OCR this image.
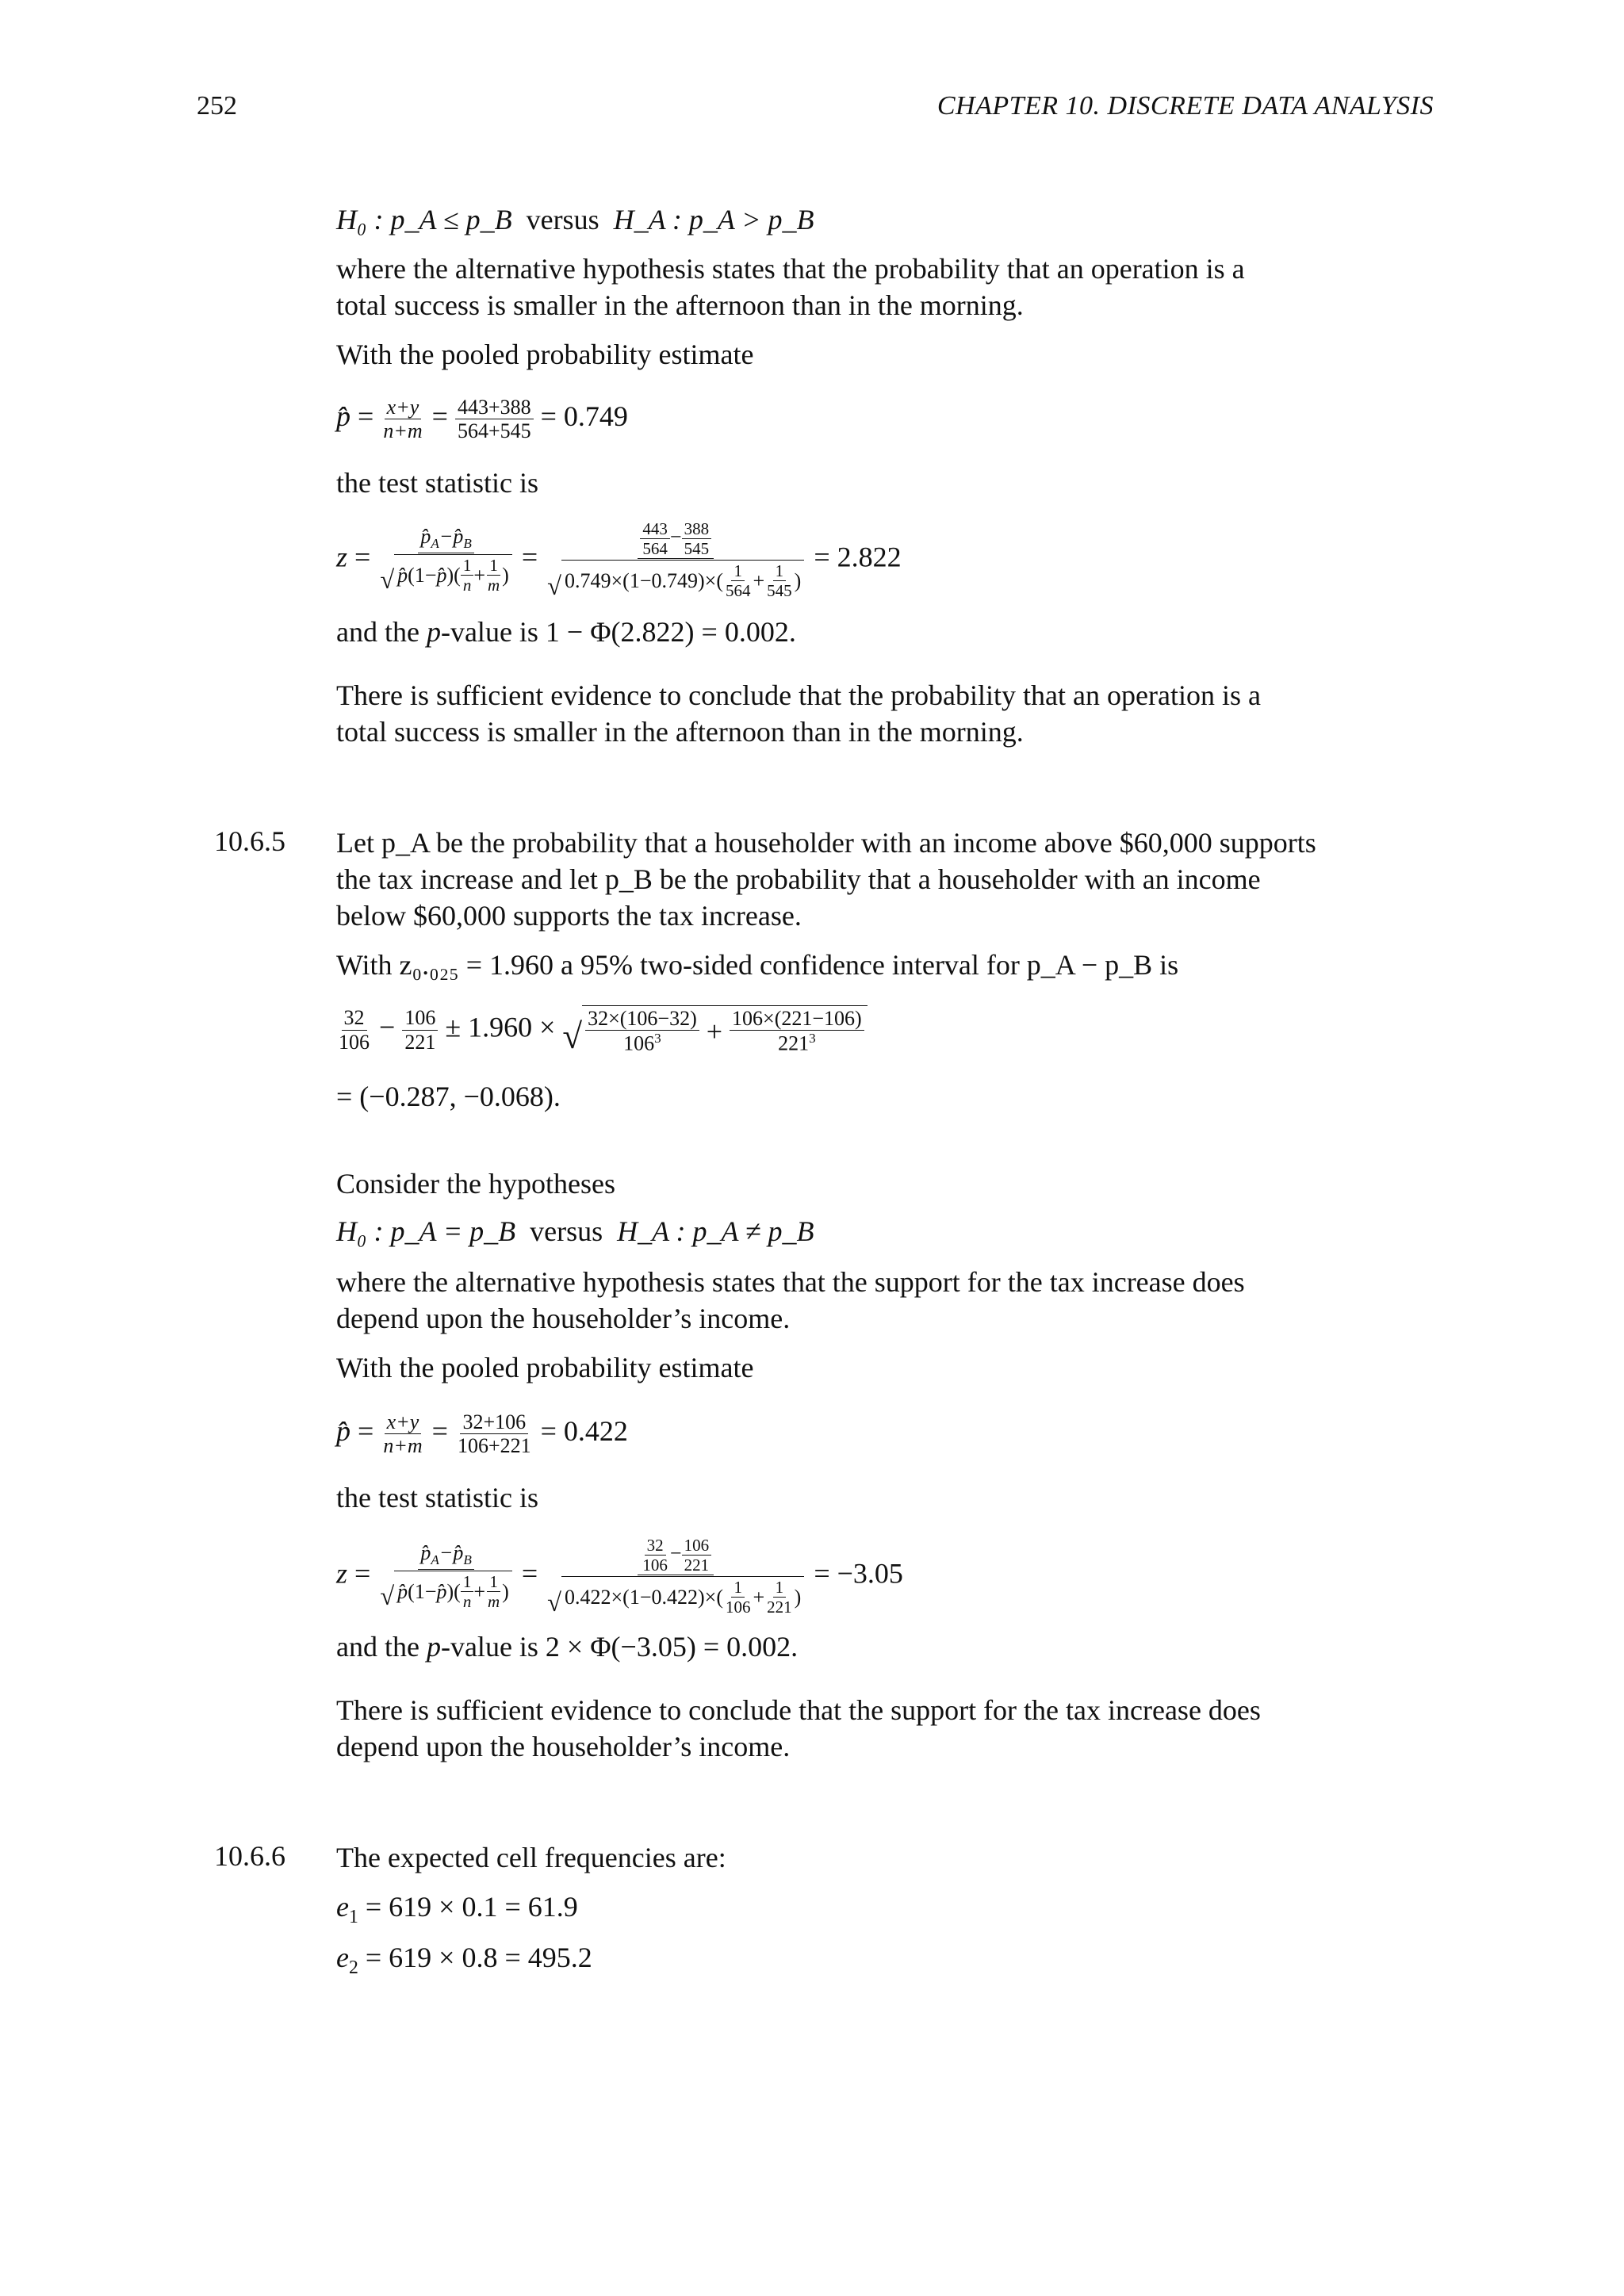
252	CHAPTER 10. DISCRETE DATA ANALYSIS
H₀ : p_A ≤ p_B versus H_A : p_A > p_B
where the alternative hypothesis states that the probability that an operation is a
total success is smaller in the afternoon than in the morning.
With the pooled probability estimate
p̂ = $\frac{x+y}{n+m} = \frac{443+388}{564+545} = 0.749$
the test statistic is
$z = \frac{p̂_A-p̂_B}{√ p̂ (1- p̂ )( \frac{1}{n} + \frac{1}{m} )} = \frac{\frac{443}{564} - \frac{388}{545}}{√ 0.749\times(1-0.749)\times ( \frac{1}{564} + \frac{1}{545} )} = 2.822$
and the p-value is 1 − Φ(2.822) = 0.002.
There is sufficient evidence to conclude that the probability that an operation is a
total success is smaller in the afternoon than in the morning.
10.6.5 Let p_A be the probability that a householder with an income above $60,000 supports
the tax increase and let p_B be the probability that a householder with an income
below $60,000 supports the tax increase.
With z₀.₀₂₅ = 1.960 a 95% two-sided confidence interval for p_A − p_B is
$\frac{32}{106} - \frac{106}{221} \pm 1.960$ × √ $\frac{32\times(106-32)}{106^3} + \frac{106\times(221-106)}{221^3}$
= (−0.287, −0.068).
Consider the hypotheses
H₀ : p_A = p_B versus H_A : p_A ≠ p_B
where the alternative hypothesis states that the support for the tax increase does
depend upon the householder’s income.
With the pooled probability estimate
p̂ = $\frac{x+y}{n+m} = \frac{32+106}{106+221} = 0.422$
the test statistic is
$z = \frac{p̂_A-p̂_B}{√ p̂ (1- p̂ )( \frac{1}{n} + \frac{1}{m} )} = \frac{\frac{32}{106} - \frac{106}{221}}{√ 0.422\times(1-0.422)\times ( \frac{1}{106} + \frac{1}{221} )} = -3.05$
and the p-value is 2 × Φ(−3.05) = 0.002.
There is sufficient evidence to conclude that the support for the tax increase does
depend upon the householder’s income.
10.6.6 The expected cell frequencies are:
$e_1 = 619 \times 0.1 = 61.9$
$e_2 = 619 \times 0.8 = 495.2$
